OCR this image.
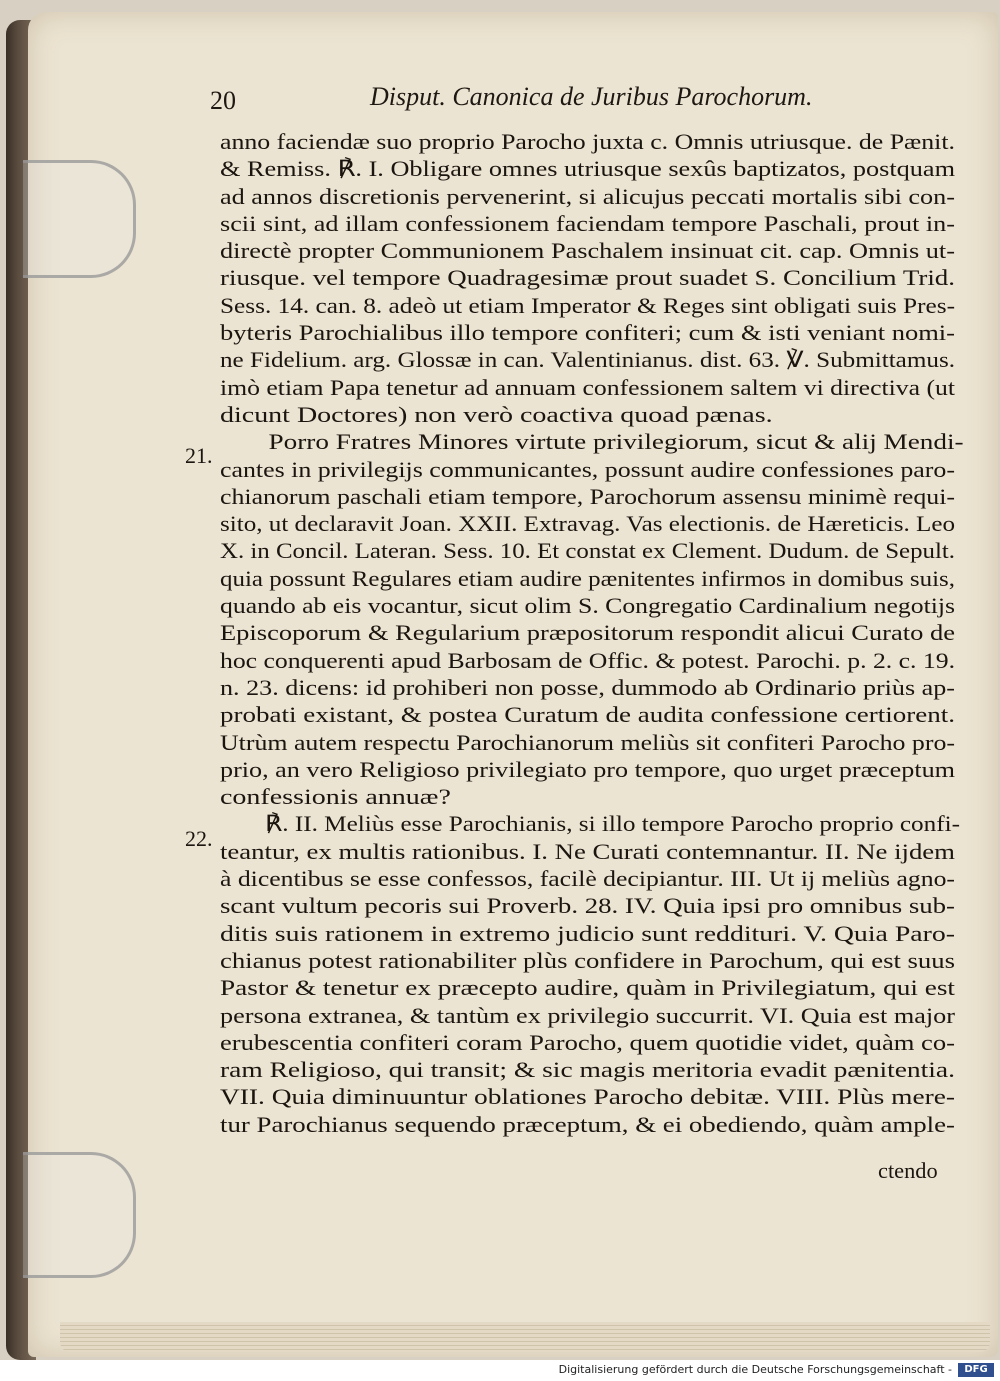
20	Disput. Canonica de Juribus Parochorum.
21.
22.
anno faciendæ suo proprio Parocho juxta c. Omnis utriusque. de Pænit.
& Remiss. ℟. I. Obligare omnes utriusque sexûs baptizatos, postquam
ad annos discretionis pervenerint, si alicujus peccati mortalis sibi con-
scii sint, ad illam confessionem faciendam tempore Paschali, prout in-
directè propter Communionem Paschalem insinuat cit. cap. Omnis ut-
riusque. vel tempore Quadragesimæ prout suadet S. Concilium Trid.
Sess. 14. can. 8. adeò ut etiam Imperator & Reges sint obligati suis Pres-
byteris Parochialibus illo tempore confiteri; cum & isti veniant nomi-
ne Fidelium. arg. Glossæ in can. Valentinianus. dist. 63. ℣. Submittamus.
imò etiam Papa tenetur ad annuam confessionem saltem vi directiva (ut
dicunt Doctores) non verò coactiva quoad pænas.
Porro Fratres Minores virtute privilegiorum, sicut & alij Mendi-
cantes in privilegijs communicantes, possunt audire confessiones paro-
chianorum paschali etiam tempore, Parochorum assensu minimè requi-
sito, ut declaravit Joan. XXII. Extravag. Vas electionis. de Hæreticis. Leo
X. in Concil. Lateran. Sess. 10. Et constat ex Clement. Dudum. de Sepult.
quia possunt Regulares etiam audire pænitentes infirmos in domibus suis,
quando ab eis vocantur, sicut olim S. Congregatio Cardinalium negotijs
Episcoporum & Regularium præpositorum respondit alicui Curato de
hoc conquerenti apud Barbosam de Offic. & potest. Parochi. p. 2. c. 19.
n. 23. dicens: id prohiberi non posse, dummodo ab Ordinario priùs ap-
probati existant, & postea Curatum de audita confessione certiorent.
Utrùm autem respectu Parochianorum meliùs sit confiteri Parocho pro-
prio, an vero Religioso privilegiato pro tempore, quo urget præceptum
confessionis annuæ?
℟. II. Meliùs esse Parochianis, si illo tempore Parocho proprio confi-
teantur, ex multis rationibus. I. Ne Curati contemnantur. II. Ne ijdem
à dicentibus se esse confessos, facilè decipiantur. III. Ut ij meliùs agno-
scant vultum pecoris sui Proverb. 28. IV. Quia ipsi pro omnibus sub-
ditis suis rationem in extremo judicio sunt reddituri. V. Quia Paro-
chianus potest rationabiliter plùs confidere in Parochum, qui est suus
Pastor & tenetur ex præcepto audire, quàm in Privilegiatum, qui est
persona extranea, & tantùm ex privilegio succurrit. VI. Quia est major
erubescentia confiteri coram Parocho, quem quotidie videt, quàm co-
ram Religioso, qui transit; & sic magis meritoria evadit pænitentia.
VII. Quia diminuuntur oblationes Parocho debitæ. VIII. Plùs mere-
tur Parochianus sequendo præceptum, & ei obediendo, quàm ample-
ctendo
Digitalisierung gefördert durch die Deutsche Forschungsgemeinschaft -	DFG
